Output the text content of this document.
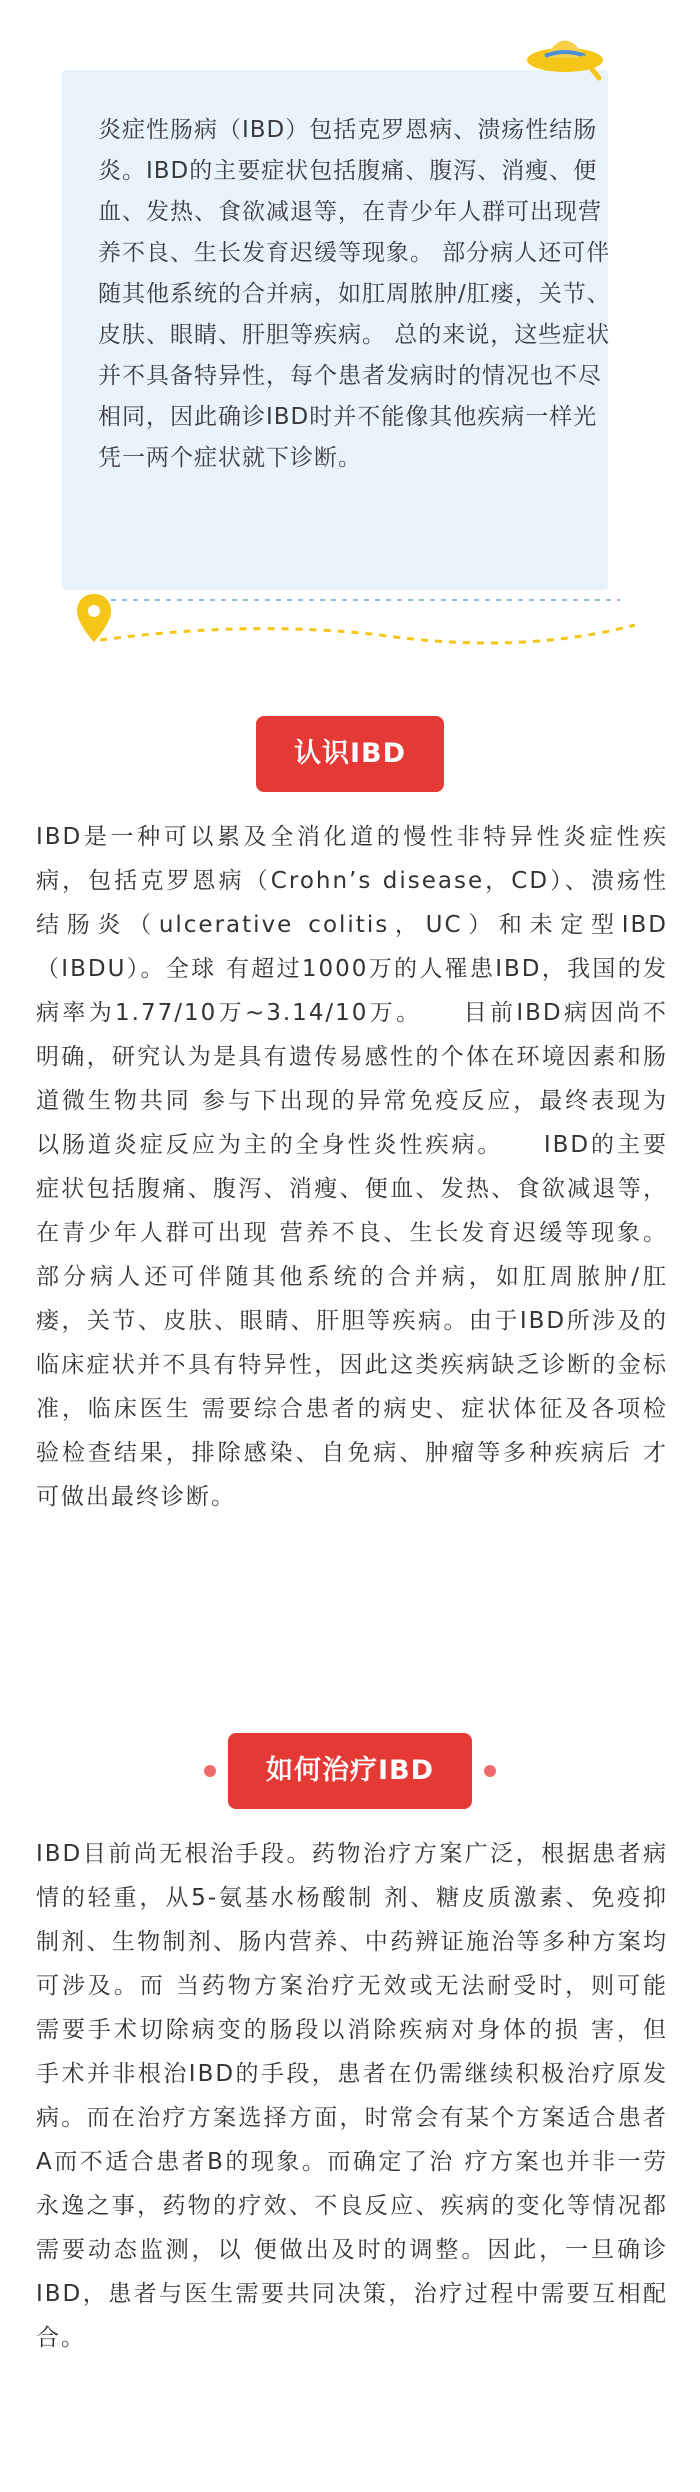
炎症性肠病（IBD）包括克罗恩病、溃疡性结肠炎。IBD的主要症状包括腹痛、腹泻、消瘦、便血、发热、食欲减退等，在青少年人群可出现营养不良、生长发育迟缓等现象。 部分病人还可伴随其他系统的合并病，如肛周脓肿/肛瘘，关节、皮肤、眼睛、肝胆等疾病。 总的来说，这些症状并不具备特异性，每个患者发病时的情况也不尽相同，因此确诊IBD时并不能像其他疾病一样光凭一两个症状就下诊断。

认识IBD

IBD是一种可以累及全消化道的慢性非特异性炎症性疾病，包括克罗恩病（Crohn’s disease，CD）、溃疡性结肠炎（ulcerative colitis，UC）和未定型IBD（IBDU）。全球 有超过1000万的人罹患IBD，我国的发病率为1.77/10万~3.14/10万。　　目前IBD病因尚不明确，研究认为是具有遗传易感性的个体在环境因素和肠道微生物共同 参与下出现的异常免疫反应，最终表现为以肠道炎症反应为主的全身性炎性疾病。　　IBD的主要症状包括腹痛、腹泻、消瘦、便血、发热、食欲减退等，在青少年人群可出现 营养不良、生长发育迟缓等现象。部分病人还可伴随其他系统的合并病，如肛周脓肿/肛瘘，关节、皮肤、眼睛、肝胆等疾病。由于IBD所涉及的临床症状并不具有特异性，因此这类疾病缺乏诊断的金标准，临床医生 需要综合患者的病史、症状体征及各项检验检查结果，排除感染、自免病、肿瘤等多种疾病后 才可做出最终诊断。

如何治疗IBD

IBD目前尚无根治手段。药物治疗方案广泛，根据患者病情的轻重，从5-氨基水杨酸制 剂、糖皮质激素、免疫抑制剂、生物制剂、肠内营养、中药辨证施治等多种方案均可涉及。而 当药物方案治疗无效或无法耐受时，则可能需要手术切除病变的肠段以消除疾病对身体的损 害，但手术并非根治IBD的手段，患者在仍需继续积极治疗原发病。而在治疗方案选择方面，时常会有某个方案适合患者A而不适合患者B的现象。而确定了治 疗方案也并非一劳永逸之事，药物的疗效、不良反应、疾病的变化等情况都需要动态监测，以 便做出及时的调整。因此，一旦确诊IBD，患者与医生需要共同决策，治疗过程中需要互相配 合。
